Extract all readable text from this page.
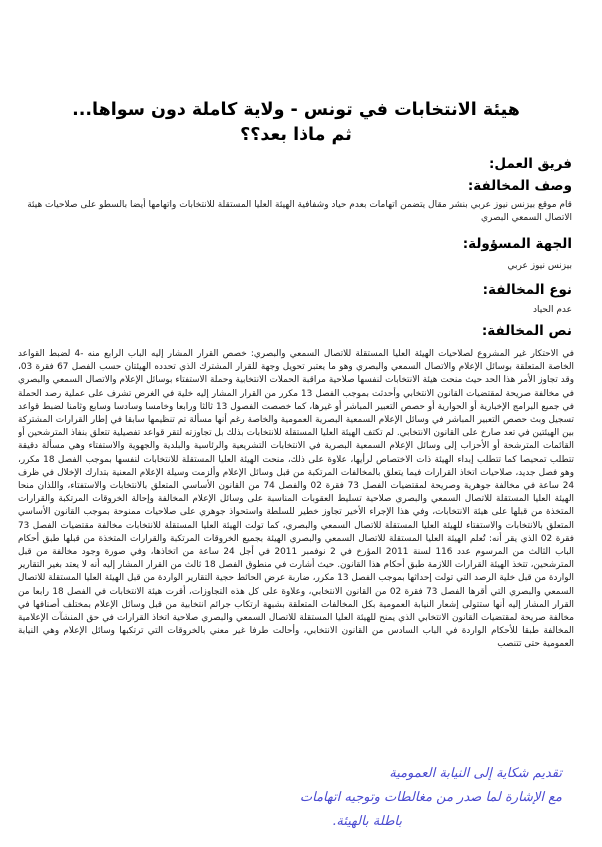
هيئة الانتخابات في تونس - ولاية كاملة دون سواها... ثم ماذا بعد؟؟
فريق العمل:
وصف المخالفة:
قام موقع بيزنس نيوز عربي بنشر مقال يتضمن اتهامات بعدم حياد وشفافية الهيئة العليا المستقلة للانتخابات واتهامها أيضا بالسطو على صلاحيات هيئة الاتصال السمعي البصري
الجهة المسؤولة:
بيزنس نيوز عربي
نوع المخالفة:
عدم الحياد
نص المخالفة:
في الاحتكار غير المشروع لصلاحيات الهيئة العليا المستقلة للاتصال السمعي والبصري: خصص القرار المشار إليه الباب الرابع منه -4 لضبط القواعد الخاصة المتعلقة بوسائل الإعلام والاتصال السمعي والبصري وهو ما يعتبر تحويل وجهة للقرار المشترك الذي تحدده الهيئتان حسب الفصل 67 فقرة 03، وقد تجاوز الأمر هذا الحد حيث منحت هيئة الانتخابات لنفسها صلاحية مراقبة الحملات الانتخابية وحملة الاستفتاء بوسائل الإعلام والاتصال السمعي والبصري في مخالفة صريحة لمقتضيات القانون الانتخابي وأحدثت بموجب الفصل 13 مكرر من القرار المشار إليه خلية في الغرض تشرف على عملية رصد الحملة في جميع البرامج الإخبارية أو الحوارية أو حصص التعبير المباشر أو غيرها، كما خصصت الفصول 13 ثالثا ورابعا وخامسا وسادسا وسابع وثامنا لضبط قواعد تسجيل وبث حصص التعبير المباشر في وسائل الإعلام السمعية البصرية العمومية والخاصة رغم أنها مسألة تم تنظيمها سابقا في إطار القرارات المشتركة بين الهيئتين في تعد صارخ على القانون الانتخابي. لم تكتف الهيئة العليا المستقلة للانتخابات بذلك بل تجاوزته لتقر قواعد تفصيلية تتعلق بنفاذ المترشحين أو القائمات المترشحة أو الأحزاب إلى وسائل الإعلام السمعية البصرية في الانتخابات التشريعية والرئاسية والبلدية والجهوية والاستفتاء وهي مسألة دقيقة تتطلب تمحيصا كما تتطلب إبداء الهيئة ذات الاختصاص لرأيها، علاوة على ذلك، منحت الهيئة العليا المستقلة للانتخابات لنفسها بموجب الفصل 18 مكرر، وهو فصل جديد، صلاحيات اتخاذ القرارات فيما يتعلق بالمخالفات المرتكبة من قبل وسائل الإعلام وألزمت وسيلة الإعلام المعنية بتدارك الإخلال في ظرف 24 ساعة في مخالفة جوهرية وصريحة لمقتضيات الفصل 73 فقرة 02 والفصل 74 من القانون الأساسي المتعلق بالانتخابات والاستفتاء، واللذان منحا الهيئة العليا المستقلة للاتصال السمعي والبصري صلاحية تسليط العقوبات المناسبة على وسائل الإعلام المخالفة وإحالة الخروقات المرتكبة والقرارات المتخذة من قبلها على هيئة الانتخابات، وفي هذا الإجراء الأخير تجاوز خطير للسلطة واستحواذ جوهري على صلاحيات ممنوحة بموجب القانون الأساسي المتعلق بالانتخابات والاستفتاء للهيئة العليا المستقلة للاتصال السمعي والبصري، كما تولت الهيئة العليا المستقلة للانتخابات مخالفة مقتضيات الفصل 73 فقرة 02 الذي يقر أنه: تُعلم الهيئة العليا المستقلة للاتصال السمعي والبصري الهيئة بجميع الخروقات المرتكبة والقرارات المتخذة من قبلها طبق أحكام الباب الثالث من المرسوم عدد 116 لسنة 2011 المؤرخ في 2 نوفمبر 2011 في أجل 24 ساعة من اتخاذها، وفي صورة وجود مخالفة من قبل المترشحين، تتخذ الهيئة القرارات اللازمة طبق أحكام هذا القانون. حيث أشارت في منطوق الفصل 18 ثالث من القرار المشار إليه أنه لا يعتد بغير التقارير الواردة من قبل خلية الرصد التي تولت إحداثها بموجب الفصل 13 مكرر، ضاربة عرض الحائط حجية التقارير الواردة من قبل الهيئة العليا المستقلة للاتصال السمعي والبصري التي أقرها الفصل 73 فقرة 02 من القانون الانتخابي، وعلاوة على كل هذه التجاوزات، أقرت هيئة الانتخابات في الفصل 18 رابعا من القرار المشار إليه أنها ستتولى إشعار النيابة العمومية بكل المخالفات المتعلقة بشبهة ارتكاب جرائم انتخابية من قبل وسائل الإعلام بمختلف أصنافها في مخالفة صريحة لمقتضيات القانون الانتخابي الذي يمنح للهيئة العليا المستقلة للاتصال السمعي والبصري صلاحية اتخاذ القرارات في حق المنشآت الإعلامية المخالفة طبقا للأحكام الواردة في الباب السادس من القانون الانتخابي، وأحالت طرفا غير معني بالخروقات التي ترتكبها وسائل الإعلام وهي النيابة العمومية حتى تتنصب
تقديم شكاية إلى النيابة العمومية
مع الإشارة لما صدر من مغالطات وتوجيه اتهامات
باطلة بالهيئة.
